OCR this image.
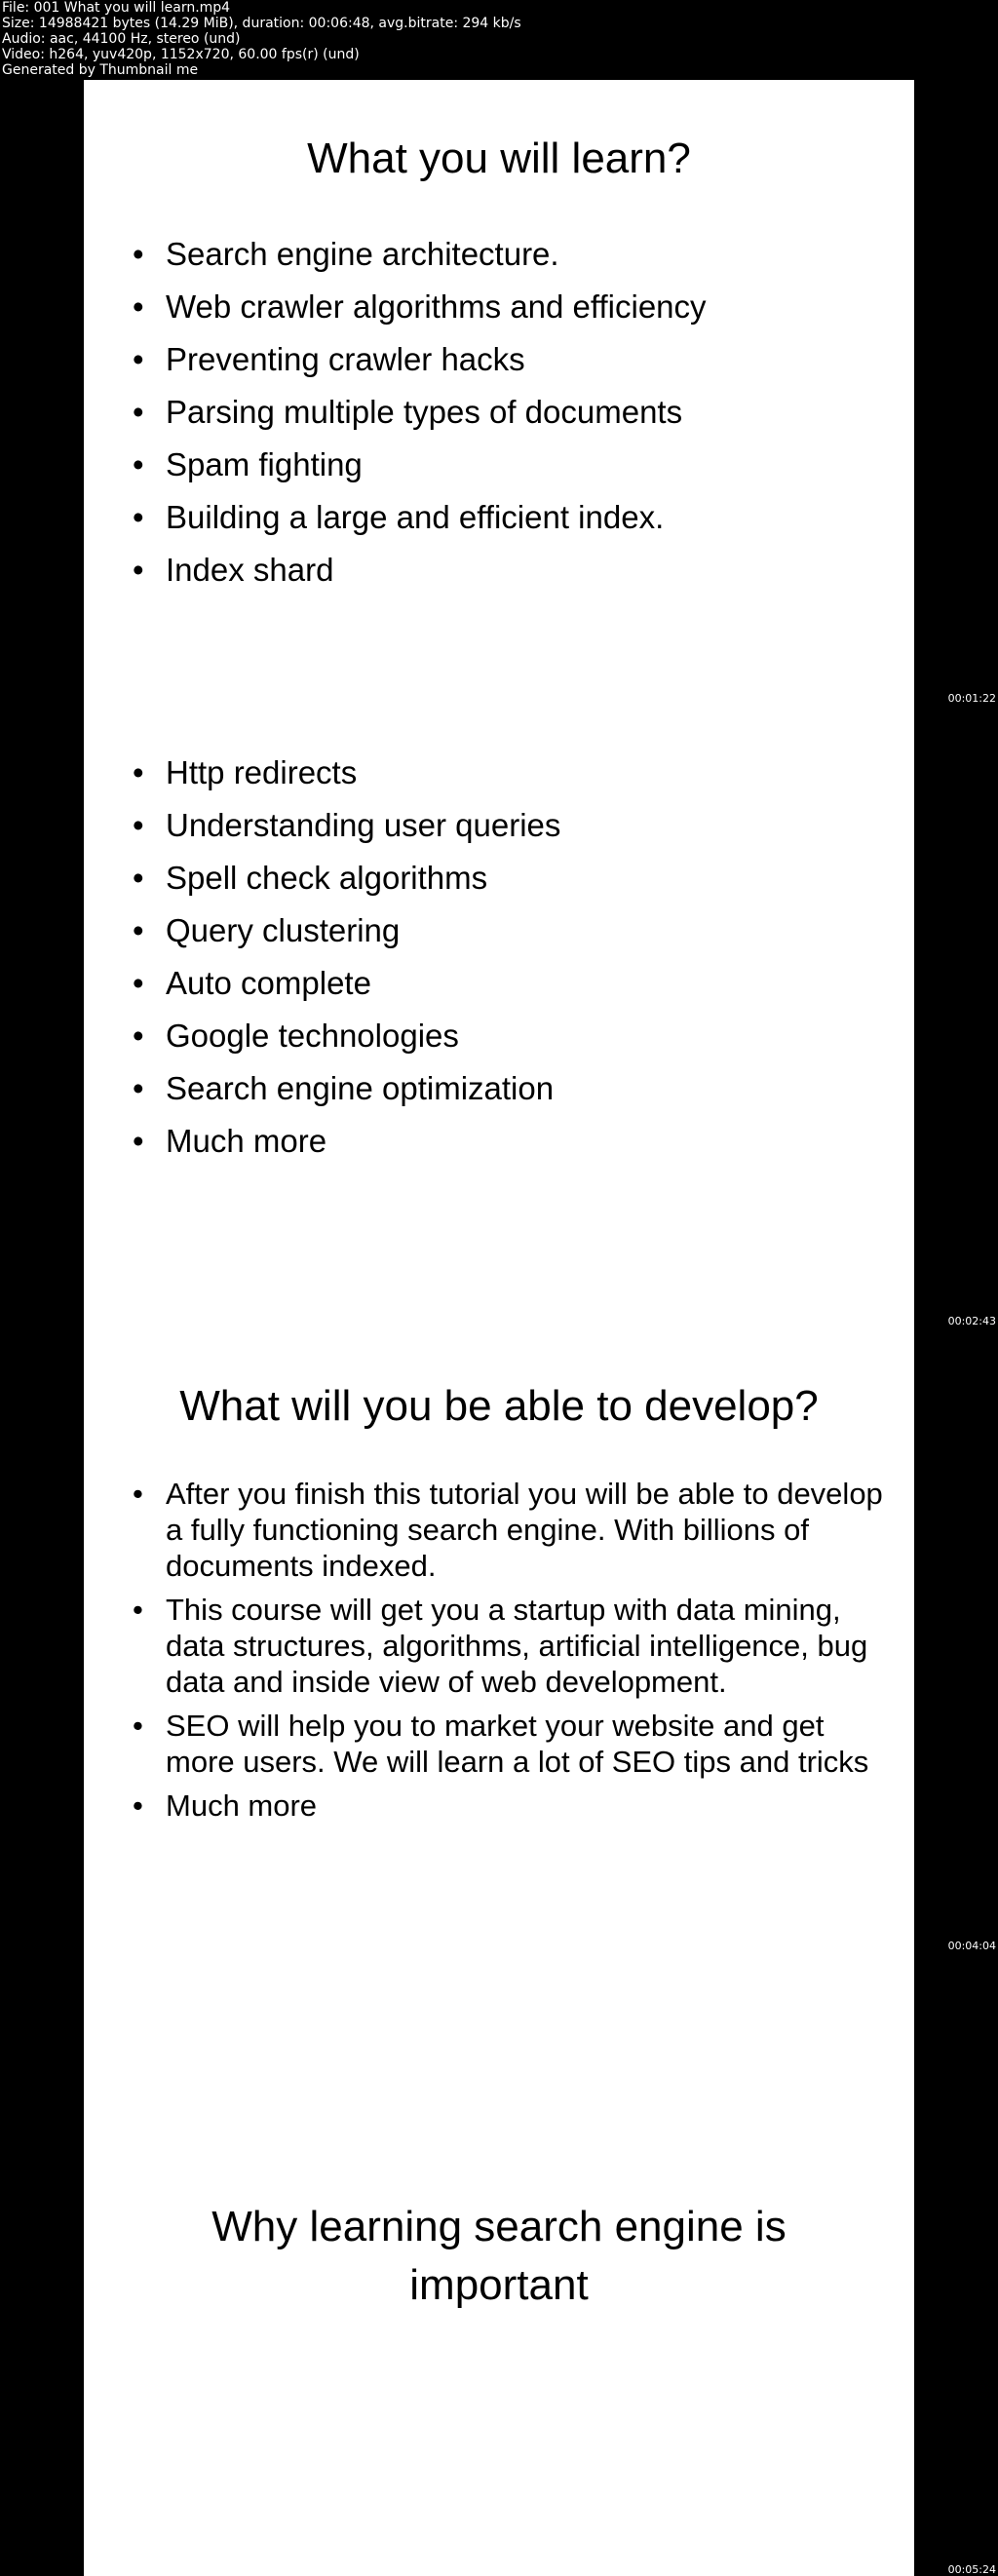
File: 001 What you will learn.mp4
Size: 14988421 bytes (14.29 MiB), duration: 00:06:48, avg.bitrate: 294 kb/s
Audio: aac, 44100 Hz, stereo (und)
Video: h264, yuv420p, 1152x720, 60.00 fps(r) (und)
Generated by Thumbnail me
What you will learn?
• Search engine architecture.
• Web crawler algorithms and efficiency
• Preventing crawler hacks
• Parsing multiple types of documents
• Spam fighting
• Building a large and efficient index.
• Index shard
00:01:22
• Http redirects
• Understanding user queries
• Spell check algorithms
• Query clustering
• Auto complete
• Google technologies
• Search engine optimization
• Much more
00:02:43
What will you be able to develop?
• After you finish this tutorial you will be able to develop a fully functioning search engine. With billions of documents indexed.
• This course will get you a startup with data mining, data structures, algorithms, artificial intelligence, bug data and inside view of web development.
• SEO will help you to market your website and get more users. We will learn a lot of SEO tips and tricks
• Much more
00:04:04
Why learning search engine is
important
00:05:24
